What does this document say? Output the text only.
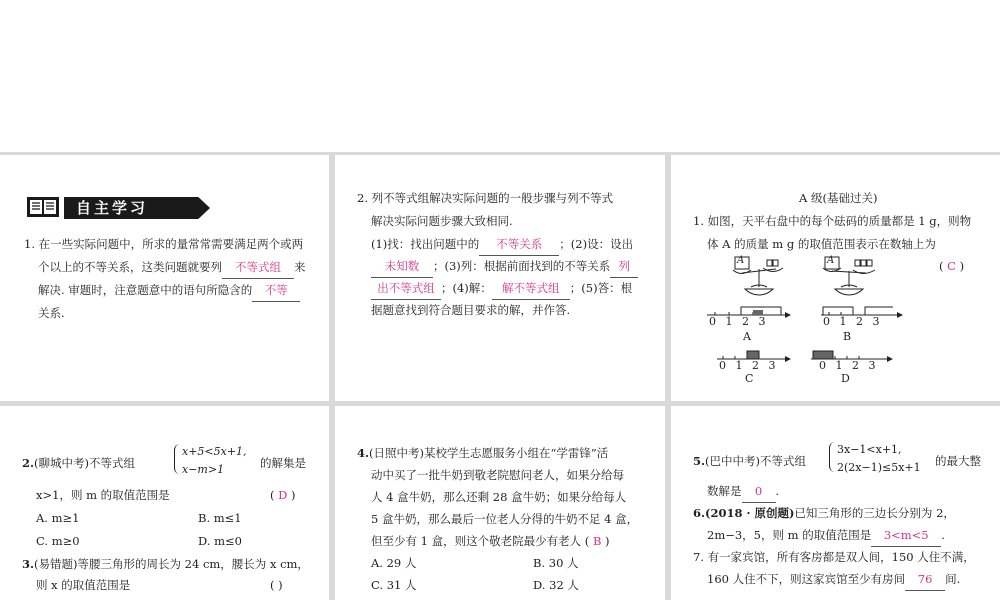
自主学习
1. 在一些实际问题中，所求的量常常需要满足两个或两
个以上的不等关系，这类问题就要列 不等式组 来
解决. 审题时，注意题意中的语句所隐含的 不等
关系.
2. 列不等式组解决实际问题的一般步骤与列不等式
解决实际问题步骤大致相同.
(1)找：找出问题中的 不等关系 ；(2)设：设出
未知数 ；(3)列：根据前面找到的不等关系 列
出不等式组 ；(4)解： 解不等式组 ；(5)答：根
据题意找到符合题目要求的解，并作答.
A 级(基础过关)
1. 如图，天平右盘中的每个砝码的质量都是 1 g，则物
体 A 的质量 m g 的取值范围表示在数轴上为
( C )
A	A
0 1 2 3	0 1 2 3
A	B
0 1 2 3	0 1 2 3
C	D
2.(聊城中考)不等式组
x+5<5x+1,
x−m>1	的解集是
x>1，则 m 的取值范围是	( D )
A. m≥1	B. m≤1
C. m≥0	D. m≤0
3.(易错题)等腰三角形的周长为 24 cm，腰长为 x cm，
则 x 的取值范围是	( )
4.(日照中考)某校学生志愿服务小组在“学雷锋”活
动中买了一批牛奶到敬老院慰问老人，如果分给每
人 4 盒牛奶，那么还剩 28 盒牛奶；如果分给每人
5 盒牛奶，那么最后一位老人分得的牛奶不足 4 盒，
但至少有 1 盒，则这个敬老院最少有老人 ( B )
A. 29 人	B. 30 人
C. 31 人	D. 32 人
5.(巴中中考)不等式组
3x−1<x+1,
2(2x−1)≤5x+1 的最大整
数解是 0 .
6.(2018 · 原创题)已知三角形的三边长分别为 2，
2m−3，5，则 m 的取值范围是 3<m<5 .
7. 有一家宾馆，所有客房都是双人间，150 人住不满，
160 人住不下，则这家宾馆至少有房间 76 间.
